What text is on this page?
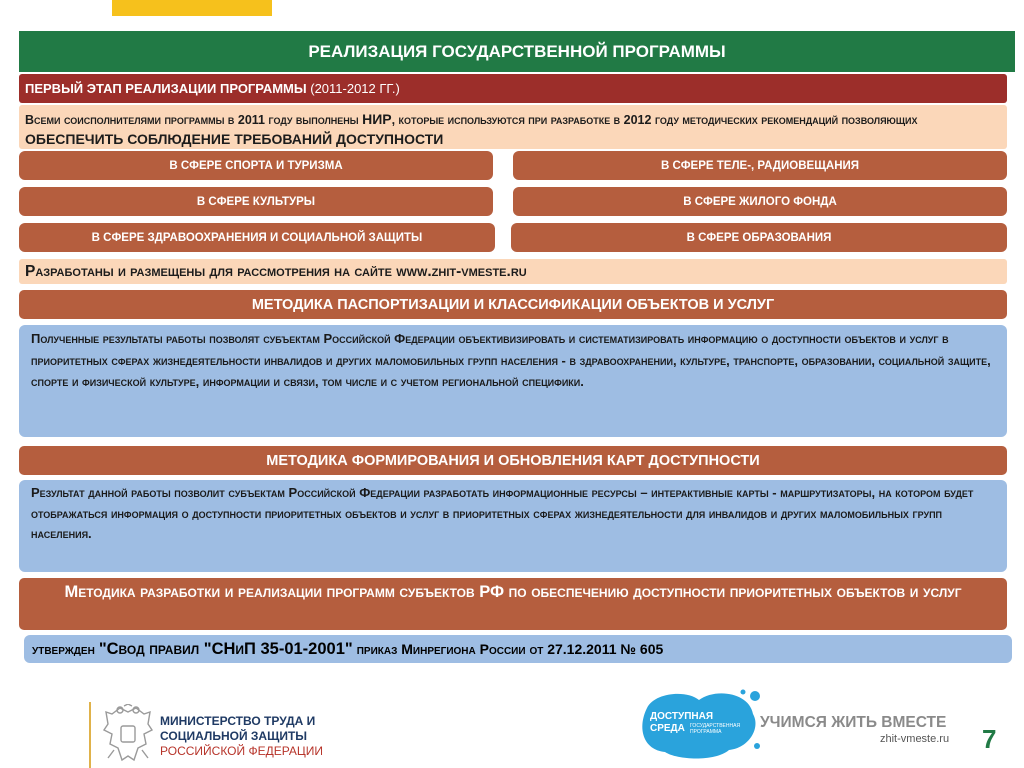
РЕАЛИЗАЦИЯ ГОСУДАРСТВЕННОЙ ПРОГРАММЫ
ПЕРВЫЙ ЭТАП РЕАЛИЗАЦИИ ПРОГРАММЫ
(2011-2012 ГГ.)
Всеми соисполнителями программы в 2011 году выполнены НИР, которые используются при разработке в 2012 году методических рекомендаций позволяющих ОБЕСПЕЧИТЬ СОБЛЮДЕНИЕ ТРЕБОВАНИЙ ДОСТУПНОСТИ
В СФЕРЕ СПОРТА И ТУРИЗМА	В СФЕРЕ ТЕЛЕ-, РАДИОВЕЩАНИЯ
В СФЕРЕ КУЛЬТУРЫ	В СФЕРЕ ЖИЛОГО ФОНДА
В СФЕРЕ ЗДРАВООХРАНЕНИЯ И СОЦИАЛЬНОЙ ЗАЩИТЫ	В СФЕРЕ ОБРАЗОВАНИЯ
Разработаны и размещены для рассмотрения на сайте www.zhit-vmeste.ru
МЕТОДИКА ПАСПОРТИЗАЦИИ И КЛАССИФИКАЦИИ ОБЪЕКТОВ И УСЛУГ
Полученные результаты работы позволят субъектам Российской Федерации объективизировать и систематизировать информацию о доступности объектов и услуг в приоритетных сферах жизнедеятельности инвалидов и других маломобильных групп населения - в здравоохранении, культуре, транспорте, образовании, социальной защите, спорте и физической культуре, информации и связи, том числе и с учетом региональной специфики.
МЕТОДИКА ФОРМИРОВАНИЯ И ОБНОВЛЕНИЯ КАРТ ДОСТУПНОСТИ
Результат данной работы позволит субъектам Российской Федерации разработать информационные ресурсы – интерактивные карты - маршрутизаторы, на котором будет отображаться информация о доступности приоритетных объектов и услуг в приоритетных сферах жизнедеятельности для инвалидов и других маломобильных групп населения.
Методика разработки и реализации программ субъектов РФ по обеспечению доступности приоритетных объектов и услуг
утвержден "Свод правил "СНиП 35-01-2001" приказ Минрегиона России от 27.12.2011 № 605
МИНИСТЕРСТВО ТРУДА И
СОЦИАЛЬНОЙ ЗАЩИТЫ
РОССИЙСКОЙ ФЕДЕРАЦИИ
ДОСТУПНАЯ
СРЕДА	ГОСУДАРСТВЕННАЯ
ПРОГРАММА
УЧИМСЯ ЖИТЬ ВМЕСТЕ
zhit-vmeste.ru 7
